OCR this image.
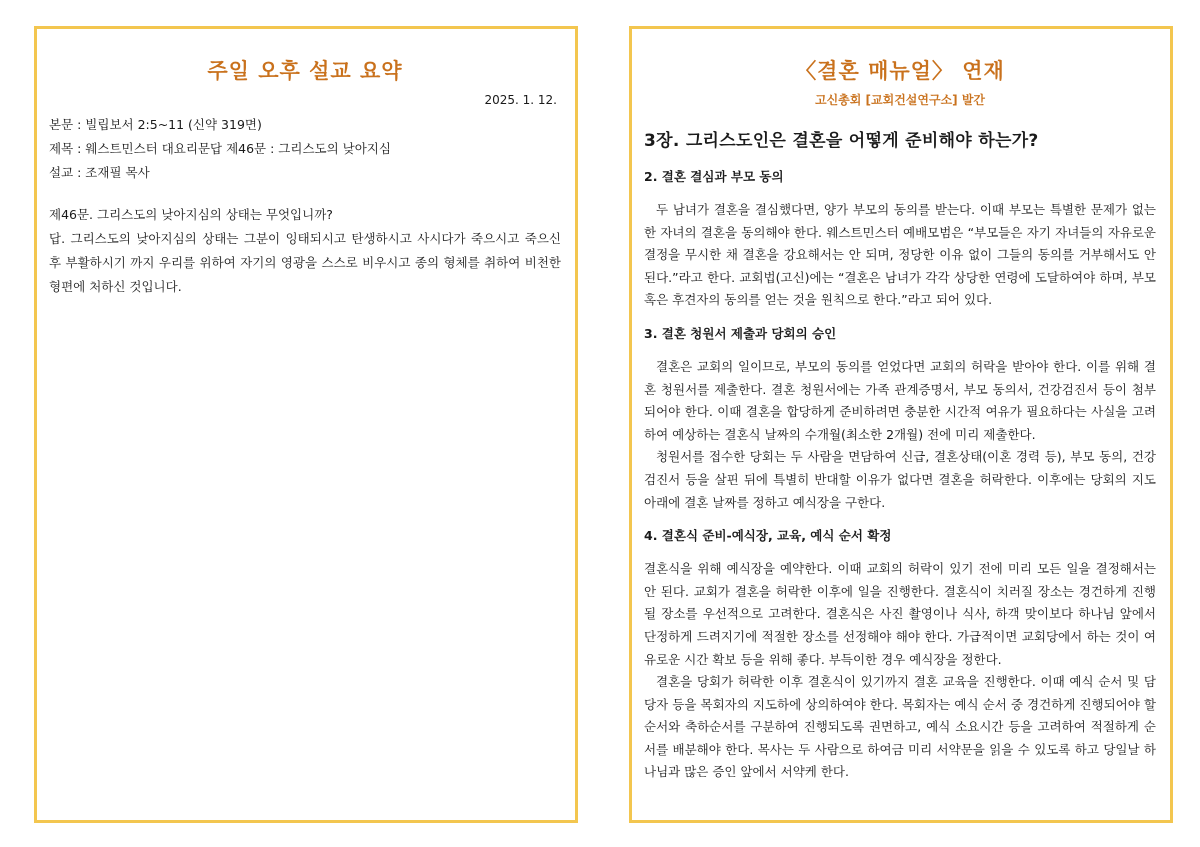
주일 오후 설교 요약

2025. 1. 12.

본문 : 빌립보서 2:5~11 (신약 319면)

제목 : 웨스트민스터 대요리문답 제46문 : 그리스도의 낮아지심

설교 : 조재필 목사

제46문. 그리스도의 낮아지심의 상태는 무엇입니까?

답. 그리스도의 낮아지심의 상태는 그분이 잉태되시고 탄생하시고 사시다가 죽으시고 죽으신 후 부활하시기 까지 우리를 위하여 자기의 영광을 스스로 비우시고 종의 형체를 취하여 비천한 형편에 처하신 것입니다.

〈결혼 매뉴얼〉 연재

고신총회 [교회건설연구소] 발간

3장. 그리스도인은 결혼을 어떻게 준비해야 하는가?
2. 결혼 결심과 부모 동의

두 남녀가 결혼을 결심했다면, 양가 부모의 동의를 받는다. 이때 부모는 특별한 문제가 없는 한 자녀의 결혼을 동의해야 한다. 웨스트민스터 예배모범은 “부모들은 자기 자녀들의 자유로운 결정을 무시한 채 결혼을 강요해서는 안 되며, 정당한 이유 없이 그들의 동의를 거부해서도 안 된다.”라고 한다. 교회법(고신)에는 “결혼은 남녀가 각각 상당한 연령에 도달하여야 하며, 부모 혹은 후견자의 동의를 얻는 것을 원칙으로 한다.”라고 되어 있다.

3. 결혼 청원서 제출과 당회의 승인

결혼은 교회의 일이므로, 부모의 동의를 얻었다면 교회의 허락을 받아야 한다. 이를 위해 결혼 청원서를 제출한다. 결혼 청원서에는 가족 관계증명서, 부모 동의서, 건강검진서 등이 첨부되어야 한다. 이때 결혼을 합당하게 준비하려면 충분한 시간적 여유가 필요하다는 사실을 고려하여 예상하는 결혼식 날짜의 수개월(최소한 2개월) 전에 미리 제출한다.

청원서를 접수한 당회는 두 사람을 면담하여 신급, 결혼상태(이혼 경력 등), 부모 동의, 건강검진서 등을 살핀 뒤에 특별히 반대할 이유가 없다면 결혼을 허락한다. 이후에는 당회의 지도 아래에 결혼 날짜를 정하고 예식장을 구한다.

4. 결혼식 준비-예식장, 교육, 예식 순서 확정

결혼식을 위해 예식장을 예약한다. 이때 교회의 허락이 있기 전에 미리 모든 일을 결정해서는 안 된다. 교회가 결혼을 허락한 이후에 일을 진행한다. 결혼식이 치러질 장소는 경건하게 진행될 장소를 우선적으로 고려한다. 결혼식은 사진 촬영이나 식사, 하객 맞이보다 하나님 앞에서 단정하게 드려지기에 적절한 장소를 선정해야 해야 한다. 가급적이면 교회당에서 하는 것이 여유로운 시간 확보 등을 위해 좋다. 부득이한 경우 예식장을 정한다.

결혼을 당회가 허락한 이후 결혼식이 있기까지 결혼 교육을 진행한다. 이때 예식 순서 및 담당자 등을 목회자의 지도하에 상의하여야 한다. 목회자는 예식 순서 중 경건하게 진행되어야 할 순서와 축하순서를 구분하여 진행되도록 권면하고, 예식 소요시간 등을 고려하여 적절하게 순서를 배분해야 한다. 목사는 두 사람으로 하여금 미리 서약문을 읽을 수 있도록 하고 당일날 하나님과 많은 증인 앞에서 서약케 한다.
